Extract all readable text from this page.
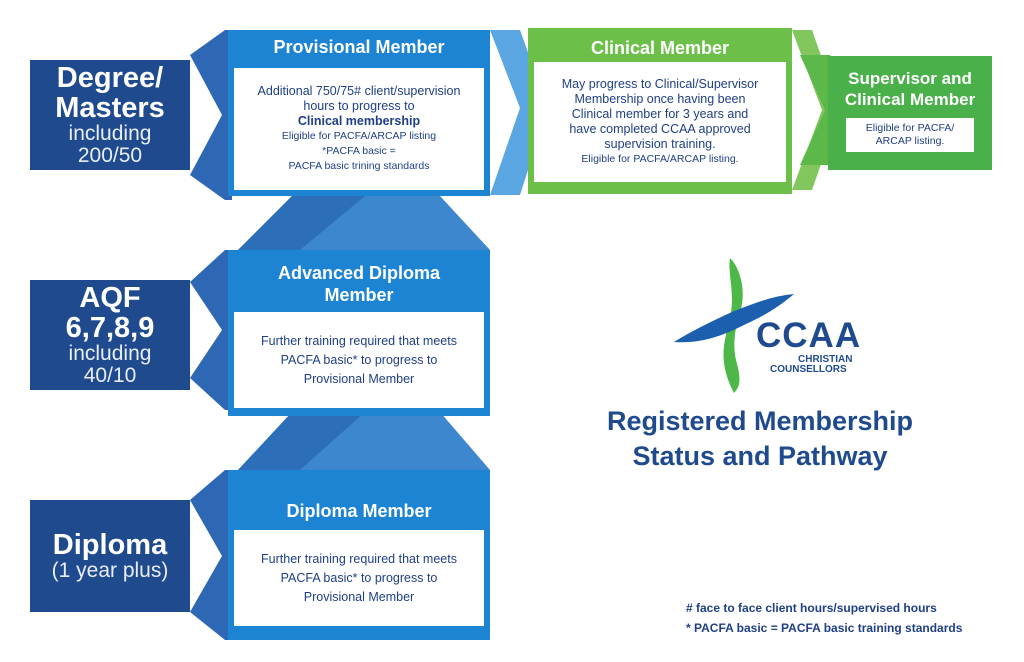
Degree/
Masters
including
200/50
AQF
6,7,8,9
including
40/10
Diploma
(1 year plus)
Provisional Member
Additional 750/75# client/supervision
hours to progress to
Clinical membership
Eligible for PACFA/ARCAP listing
*PACFA basic =
PACFA basic trining standards
Clinical Member
May progress to Clinical/Supervisor
Membership once having been
Clinical member for 3 years and
have completed CCAA approved
supervision training.
Eligible for PACFA/ARCAP listing.
Supervisor and
Clinical Member
Eligible for PACFA/
ARCAP listing.
Advanced Diploma
Member
Further training required that meets
PACFA basic* to progress to
Provisional Member
Diploma Member
Further training required that meets
PACFA basic* to progress to
Provisional Member
CCAA
CHRISTIAN
COUNSELLORS
Registered Membership
Status and Pathway
# face to face client hours/supervised hours
* PACFA basic = PACFA basic training standards
